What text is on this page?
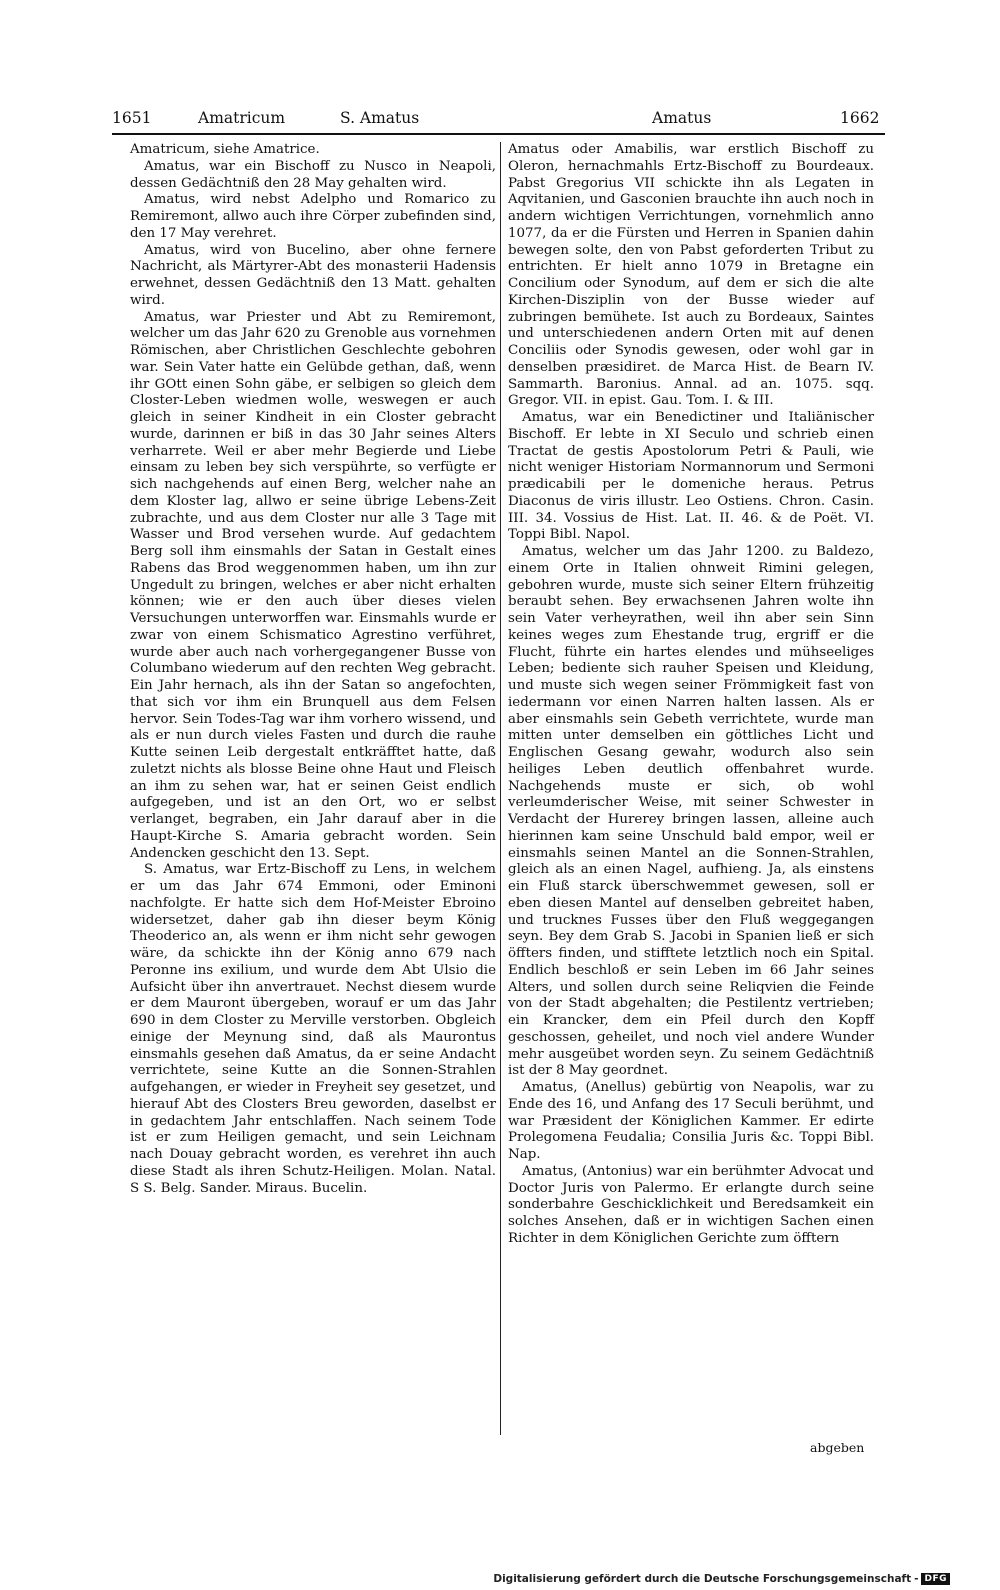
1651	Amatricum	S. Amatus	Amatus	1662

Amatricum, siehe Amatrice.

Amatus, war ein Bischoff zu Nusco in Neapoli, dessen Gedächtniß den 28 May gehalten wird.

Amatus, wird nebst Adelpho und Romarico zu Remiremont, allwo auch ihre Cörper zubefinden sind, den 17 May verehret.

Amatus, wird von Bucelino, aber ohne fernere Nachricht, als Märtyrer-Abt des monasterii Hadensis erwehnet, dessen Gedächtniß den 13 Matt. gehalten wird.

Amatus, war Priester und Abt zu Remiremont, welcher um das Jahr 620 zu Grenoble aus vornehmen Römischen, aber Christlichen Geschlechte gebohren war. Sein Vater hatte ein Gelübde gethan, daß, wenn ihr GOtt einen Sohn gäbe, er selbigen so gleich dem Closter-Leben wiedmen wolle, weswegen er auch gleich in seiner Kindheit in ein Closter gebracht wurde, darinnen er biß in das 30 Jahr seines Alters verharrete. Weil er aber mehr Begierde und Liebe einsam zu leben bey sich verspührte, so verfügte er sich nachgehends auf einen Berg, welcher nahe an dem Kloster lag, allwo er seine übrige Lebens-Zeit zubrachte, und aus dem Closter nur alle 3 Tage mit Wasser und Brod versehen wurde. Auf gedachtem Berg soll ihm einsmahls der Satan in Gestalt eines Rabens das Brod weggenommen haben, um ihn zur Ungedult zu bringen, welches er aber nicht erhalten können; wie er den auch über dieses vielen Versuchungen unterworffen war. Einsmahls wurde er zwar von einem Schismatico Agrestino verführet, wurde aber auch nach vorhergegangener Busse von Columbano wiederum auf den rechten Weg gebracht. Ein Jahr hernach, als ihn der Satan so angefochten, that sich vor ihm ein Brunquell aus dem Felsen hervor. Sein Todes-Tag war ihm vorhero wissend, und als er nun durch vieles Fasten und durch die rauhe Kutte seinen Leib dergestalt entkräfftet hatte, daß zuletzt nichts als blosse Beine ohne Haut und Fleisch an ihm zu sehen war, hat er seinen Geist endlich aufgegeben, und ist an den Ort, wo er selbst verlanget, begraben, ein Jahr darauf aber in die Haupt-Kirche S. Amaria gebracht worden. Sein Andencken geschicht den 13. Sept.

S. Amatus, war Ertz-Bischoff zu Lens, in welchem er um das Jahr 674 Emmoni, oder Eminoni nachfolgte. Er hatte sich dem Hof-Meister Ebroino widersetzet, daher gab ihn dieser beym König Theoderico an, als wenn er ihm nicht sehr gewogen wäre, da schickte ihn der König anno 679 nach Peronne ins exilium, und wurde dem Abt Ulsio die Aufsicht über ihn anvertrauet. Nechst diesem wurde er dem Mauront übergeben, worauf er um das Jahr 690 in dem Closter zu Merville verstorben. Obgleich einige der Meynung sind, daß als Maurontus einsmahls gesehen daß Amatus, da er seine Andacht verrichtete, seine Kutte an die Sonnen-Strahlen aufgehangen, er wieder in Freyheit sey gesetzet, und hierauf Abt des Closters Breu geworden, daselbst er in gedachtem Jahr entschlaffen. Nach seinem Tode ist er zum Heiligen gemacht, und sein Leichnam nach Douay gebracht worden, es verehret ihn auch diese Stadt als ihren Schutz-Heiligen. Molan. Natal. S S. Belg. Sander. Miraus. Bucelin.

Amatus oder Amabilis, war erstlich Bischoff zu Oleron, hernachmahls Ertz-Bischoff zu Bourdeaux. Pabst Gregorius VII schickte ihn als Legaten in Aqvitanien, und Gasconien brauchte ihn auch noch in andern wichtigen Verrichtungen, vornehmlich anno 1077, da er die Fürsten und Herren in Spanien dahin bewegen solte, den von Pabst geforderten Tribut zu entrichten. Er hielt anno 1079 in Bretagne ein Concilium oder Synodum, auf dem er sich die alte Kirchen-Disziplin von der Busse wieder auf zubringen bemühete. Ist auch zu Bordeaux, Saintes und unterschiedenen andern Orten mit auf denen Conciliis oder Synodis gewesen, oder wohl gar in denselben præsidiret. de Marca Hist. de Bearn IV. Sammarth. Baronius. Annal. ad an. 1075. sqq. Gregor. VII. in epist. Gau. Tom. I. & III.

Amatus, war ein Benedictiner und Italiänischer Bischoff. Er lebte in XI Seculo und schrieb einen Tractat de gestis Apostolorum Petri & Pauli, wie nicht weniger Historiam Normannorum und Sermoni prædicabili per le domeniche heraus. Petrus Diaconus de viris illustr. Leo Ostiens. Chron. Casin. III. 34. Vossius de Hist. Lat. II. 46. & de Poët. VI. Toppi Bibl. Napol.

Amatus, welcher um das Jahr 1200. zu Baldezo, einem Orte in Italien ohnweit Rimini gelegen, gebohren wurde, muste sich seiner Eltern frühzeitig beraubt sehen. Bey erwachsenen Jahren wolte ihn sein Vater verheyrathen, weil ihn aber sein Sinn keines weges zum Ehestande trug, ergriff er die Flucht, führte ein hartes elendes und mühseeliges Leben; bediente sich rauher Speisen und Kleidung, und muste sich wegen seiner Frömmigkeit fast von iedermann vor einen Narren halten lassen. Als er aber einsmahls sein Gebeth verrichtete, wurde man mitten unter demselben ein göttliches Licht und Englischen Gesang gewahr, wodurch also sein heiliges Leben deutlich offenbahret wurde. Nachgehends muste er sich, ob wohl verleumderischer Weise, mit seiner Schwester in Verdacht der Hurerey bringen lassen, alleine auch hierinnen kam seine Unschuld bald empor, weil er einsmahls seinen Mantel an die Sonnen-Strahlen, gleich als an einen Nagel, aufhieng. Ja, als einstens ein Fluß starck überschwemmet gewesen, soll er eben diesen Mantel auf denselben gebreitet haben, und trucknes Fusses über den Fluß weggegangen seyn. Bey dem Grab S. Jacobi in Spanien ließ er sich öffters finden, und stifftete letztlich noch ein Spital. Endlich beschloß er sein Leben im 66 Jahr seines Alters, und sollen durch seine Reliqvien die Feinde von der Stadt abgehalten; die Pestilentz vertrieben; ein Krancker, dem ein Pfeil durch den Kopff geschossen, geheilet, und noch viel andere Wunder mehr ausgeübet worden seyn. Zu seinem Gedächtniß ist der 8 May geordnet.

Amatus, (Anellus) gebürtig von Neapolis, war zu Ende des 16, und Anfang des 17 Seculi berühmt, und war Præsident der Königlichen Kammer. Er edirte Prolegomena Feudalia; Consilia Juris &c. Toppi Bibl. Nap.

Amatus, (Antonius) war ein berühmter Advocat und Doctor Juris von Palermo. Er erlangte durch seine sonderbahre Geschicklichkeit und Beredsamkeit ein solches Ansehen, daß er in wichtigen Sachen einen Richter in dem Königlichen Gerichte zum öfftern

abgeben
Digitalisierung gefördert durch die Deutsche Forschungsgemeinschaft - DFG
